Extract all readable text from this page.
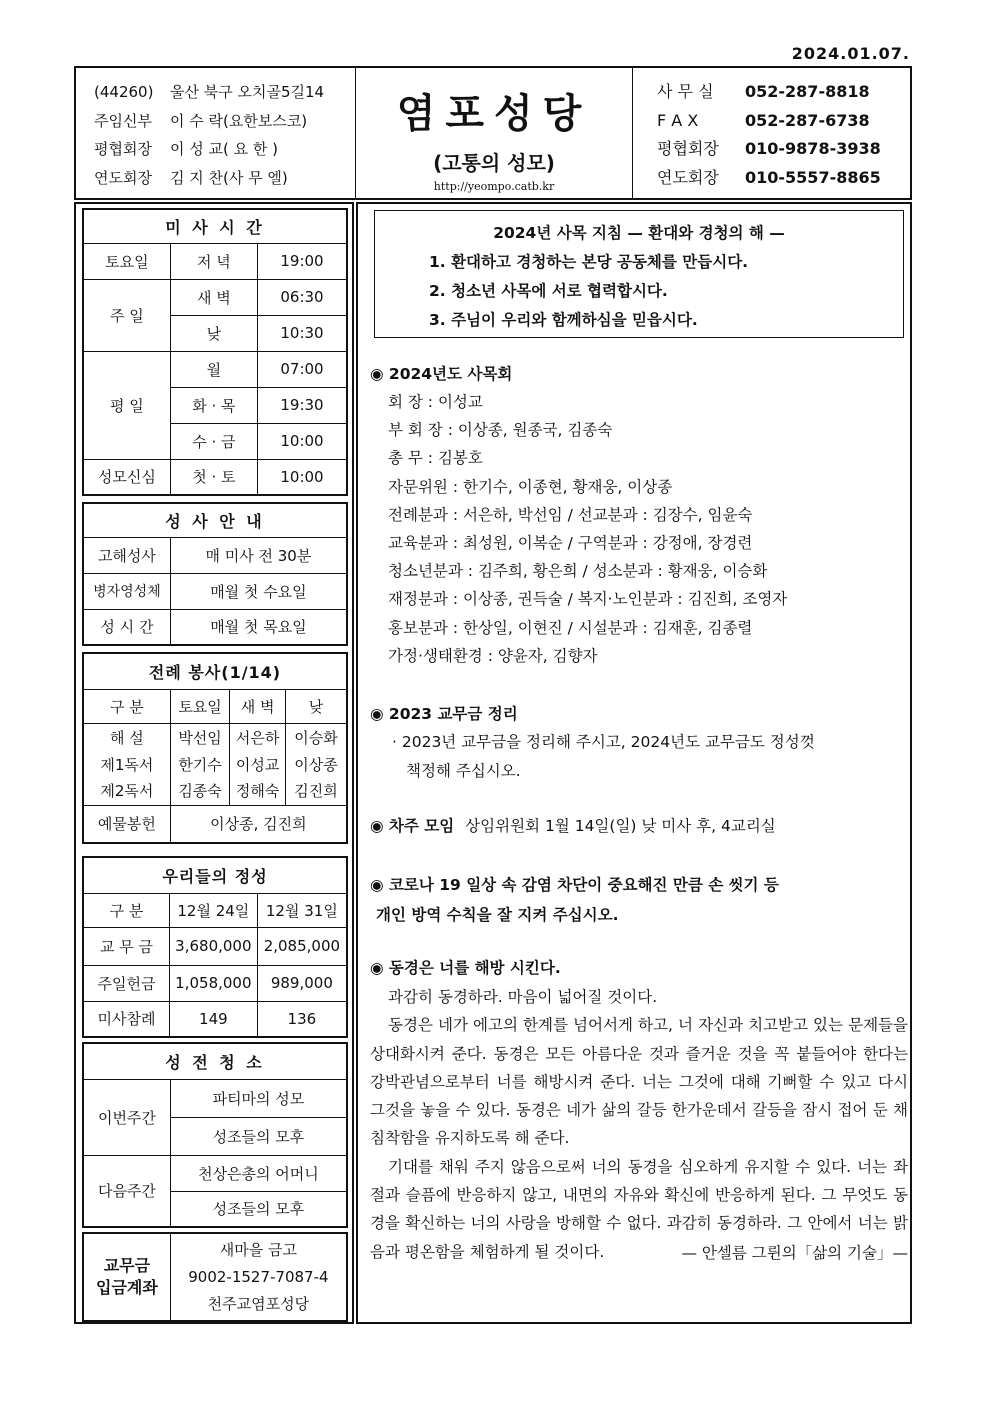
2024.01.07.
(44260) 울산 북구 오치골5길14
주임신부 이 수 락(요한보스코)
평협회장 이 성 교( 요 한 )
연도회장 김 지 찬(사 무 엘)
염포성당
(고통의 성모)
http://yeompo.catb.kr
사 무 실 052-287-8818
F A X	052-287-6738
평협회장 010-9878-3938
연도회장 010-5557-8865
미 사 시 간		
토요일	저 녁	19:00
주 일	새 벽	06:30
	낮	10:30
평 일	월	07:00
	화 · 목	19:30
	수 · 금	10:00
성모신심	첫 · 토	10:00
성 사 안 내	
고해성사	매 미사 전 30분
병자영성체	매월 첫 수요일
성 시 간	매월 첫 목요일
전례 봉사(1/14)			
구 분	토요일	새 벽	낮
해 설	박선임	서은하	이승화
제1독서	한기수	이성교	이상종
제2독서	김종숙	정해숙	김진희
예물봉헌	이상종, 김진희		
우리들의 정성		
구 분	12월 24일	12월 31일
교 무 금	3,680,000	2,085,000
주일헌금	1,058,000	989,000
미사참례	149	136
성 전 청 소	
이번주간	파티마의 성모
	성조들의 모후
다음주간	천상은총의 어머니
	성조들의 모후
교무금
입금계좌

새마을 금고
9002-1527-7087-4
천주교염포성당
2024년 사목 지침 — 환대와 경청의 해 —
1. 환대하고 경청하는 본당 공동체를 만듭시다.
2. 청소년 사목에 서로 협력합시다.
3. 주님이 우리와 함께하심을 믿읍시다.
◉ 2024년도 사목회
회 장 : 이성교
부 회 장 : 이상종, 원종국, 김종숙
총 무 : 김봉호
자문위원 : 한기수, 이종현, 황재웅, 이상종
전례분과 : 서은하, 박선임 / 선교분과 : 김장수, 임윤숙
교육분과 : 최성원, 이복순 / 구역분과 : 강정애, 장경련
청소년분과 : 김주희, 황은희 / 성소분과 : 황재웅, 이승화
재정분과 : 이상종, 권득술 / 복지·노인분과 : 김진희, 조영자
홍보분과 : 한상일, 이현진 / 시설분과 : 김재훈, 김종렬
가정·생태환경 : 양윤자, 김향자
◉ 2023 교무금 정리
· 2023년 교무금을 정리해 주시고, 2024년도 교무금도 정성껏
책정해 주십시오.
◉ 차주 모임 상임위원회 1월 14일(일) 낮 미사 후, 4교리실
◉ 코로나 19 일상 속 감염 차단이 중요해진 만큼 손 씻기 등
개인 방역 수칙을 잘 지켜 주십시오.
◉ 동경은 너를 해방 시킨다.
과감히 동경하라. 마음이 넓어질 것이다.
동경은 네가 에고의 한계를 넘어서게 하고, 너 자신과 치고받고 있는 문제들을 상대화시켜 준다. 동경은 모든 아름다운 것과 즐거운 것을 꼭 붙들어야 한다는 강박관념으로부터 너를 해방시켜 준다. 너는 그것에 대해 기뻐할 수 있고 다시 그것을 놓을 수 있다. 동경은 네가 삶의 갈등 한가운데서 갈등을 잠시 접어 둔 채 침착함을 유지하도록 해 준다.
기대를 채워 주지 않음으로써 너의 동경을 심오하게 유지할 수 있다. 너는 좌절과 슬픔에 반응하지 않고, 내면의 자유와 확신에 반응하게 된다. 그 무엇도 동경을 확신하는 너의 사랑을 방해할 수 없다. 과감히 동경하라. 그 안에서 너는 밝음과 평온함을 체험하게 될 것이다.	— 안셀름 그륀의「삶의 기술」—
